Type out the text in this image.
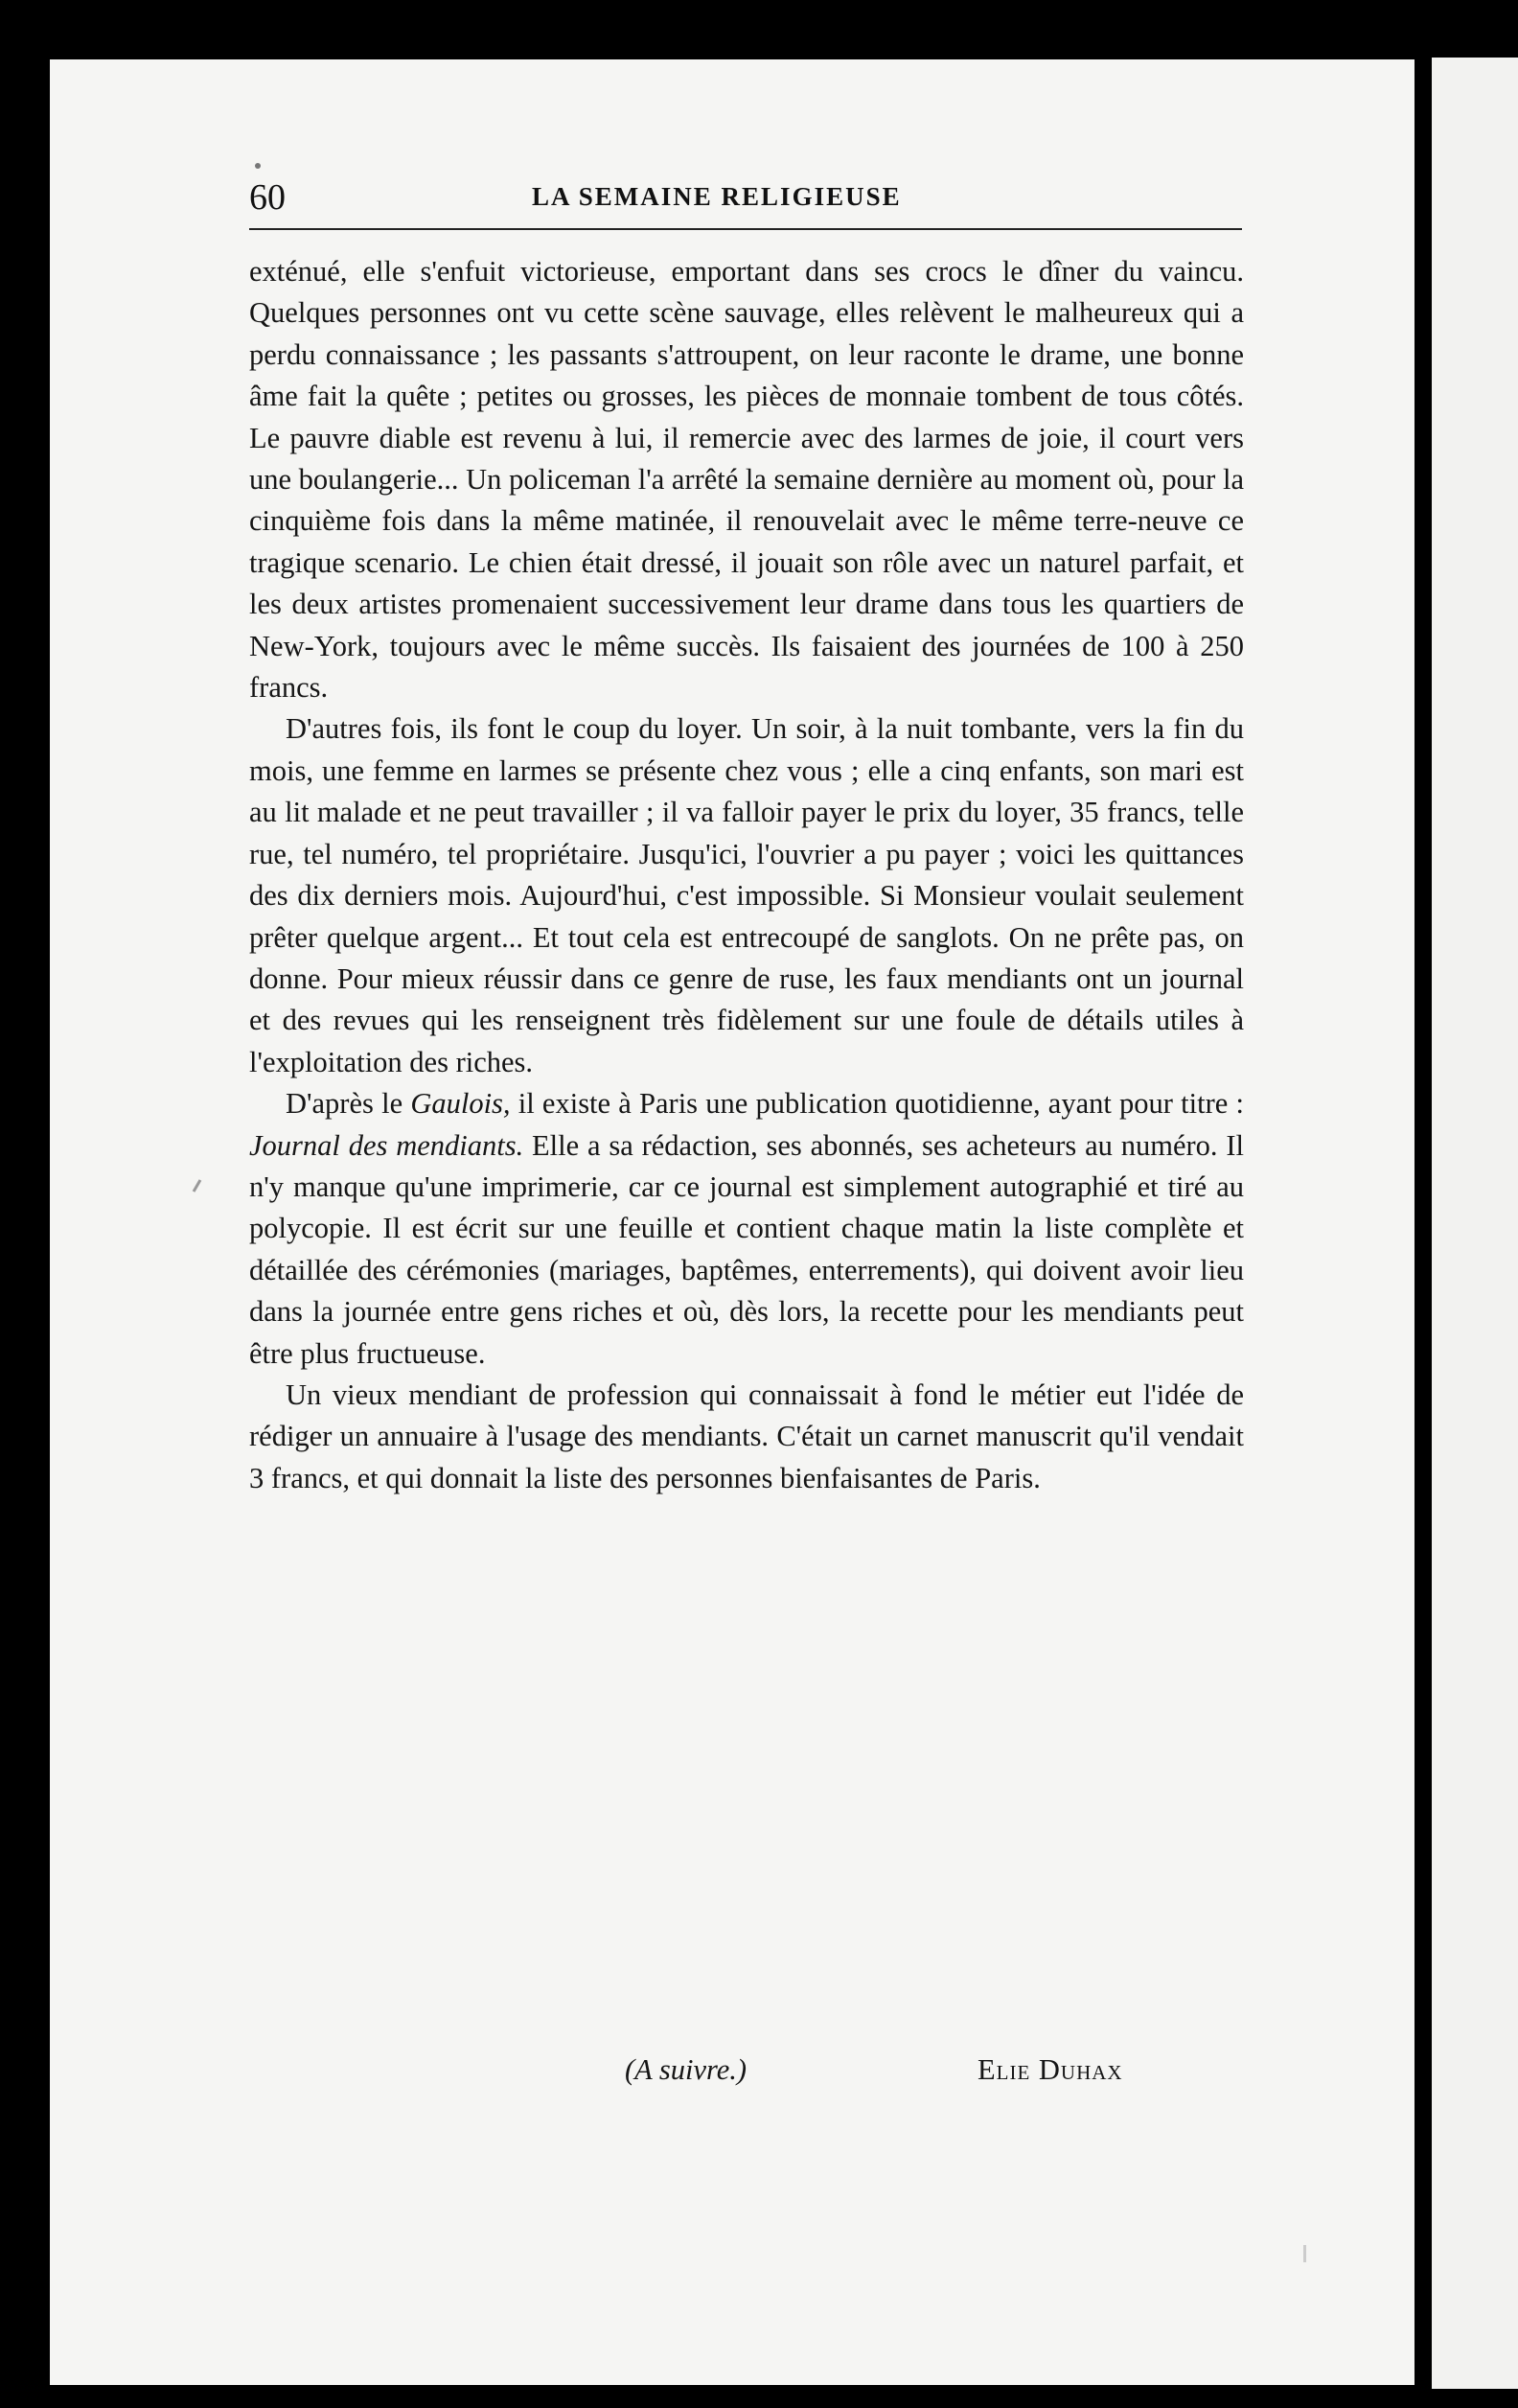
60	LA SEMAINE RELIGIEUSE

exténué, elle s'enfuit victorieuse, emportant dans ses crocs le dîner du vaincu. Quelques personnes ont vu cette scène sauvage, elles relèvent le malheureux qui a perdu connaissance ; les passants s'attroupent, on leur raconte le drame, une bonne âme fait la quête ; petites ou grosses, les pièces de monnaie tombent de tous côtés. Le pauvre diable est revenu à lui, il remercie avec des larmes de joie, il court vers une boulangerie... Un policeman l'a arrêté la semaine dernière au moment où, pour la cinquième fois dans la même matinée, il renouvelait avec le même terre-neuve ce tragique scenario. Le chien était dressé, il jouait son rôle avec un naturel parfait, et les deux artistes promenaient successivement leur drame dans tous les quartiers de New-York, toujours avec le même succès. Ils faisaient des journées de 100 à 250 francs.

D'autres fois, ils font le coup du loyer. Un soir, à la nuit tombante, vers la fin du mois, une femme en larmes se présente chez vous ; elle a cinq enfants, son mari est au lit malade et ne peut travailler ; il va falloir payer le prix du loyer, 35 francs, telle rue, tel numéro, tel propriétaire. Jusqu'ici, l'ouvrier a pu payer ; voici les quittances des dix derniers mois. Aujourd'hui, c'est impossible. Si Monsieur voulait seulement prêter quelque argent... Et tout cela est entrecoupé de sanglots. On ne prête pas, on donne. Pour mieux réussir dans ce genre de ruse, les faux mendiants ont un journal et des revues qui les renseignent très fidèlement sur une foule de détails utiles à l'exploitation des riches.

D'après le Gaulois, il existe à Paris une publication quotidienne, ayant pour titre : Journal des mendiants. Elle a sa rédaction, ses abonnés, ses acheteurs au numéro. Il n'y manque qu'une imprimerie, car ce journal est simplement autographié et tiré au polycopie. Il est écrit sur une feuille et contient chaque matin la liste complète et détaillée des cérémonies (mariages, baptêmes, enterrements), qui doivent avoir lieu dans la journée entre gens riches et où, dès lors, la recette pour les mendiants peut être plus fructueuse.

Un vieux mendiant de profession qui connaissait à fond le métier eut l'idée de rédiger un annuaire à l'usage des mendiants. C'était un carnet manuscrit qu'il vendait 3 francs, et qui donnait la liste des personnes bienfaisantes de Paris.

(A suivre.)	Elie Duhax
